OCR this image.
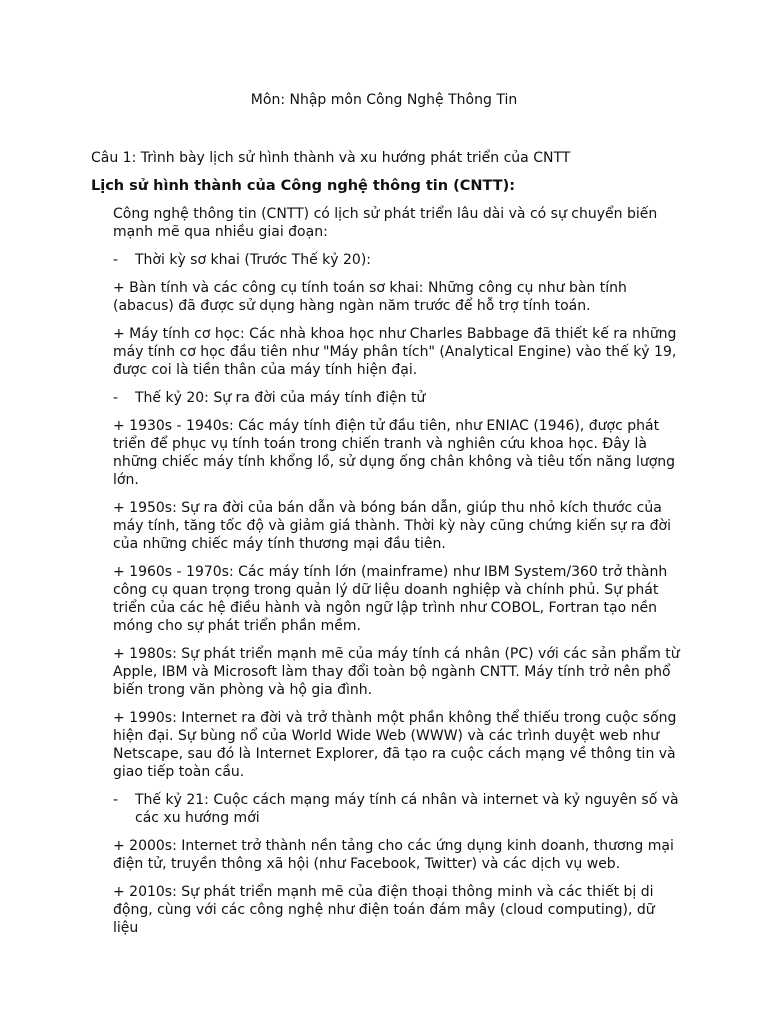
Môn: Nhập môn Công Nghệ Thông Tin
Câu 1: Trình bày lịch sử hình thành và xu hướng phát triển của CNTT
Lịch sử hình thành của Công nghệ thông tin (CNTT):
Công nghệ thông tin (CNTT) có lịch sử phát triển lâu dài và có sự chuyển biến
mạnh mẽ qua nhiều giai đoạn:
-	Thời kỳ sơ khai (Trước Thế kỷ 20):
+ Bàn tính và các công cụ tính toán sơ khai: Những công cụ như bàn tính
(abacus) đã được sử dụng hàng ngàn năm trước để hỗ trợ tính toán.
+ Máy tính cơ học: Các nhà khoa học như Charles Babbage đã thiết kế ra những
máy tính cơ học đầu tiên như "Máy phân tích" (Analytical Engine) vào thế kỷ 19,
được coi là tiền thân của máy tính hiện đại.
-	Thế kỷ 20: Sự ra đời của máy tính điện tử
+ 1930s - 1940s: Các máy tính điện tử đầu tiên, như ENIAC (1946), được phát
triển để phục vụ tính toán trong chiến tranh và nghiên cứu khoa học. Đây là
những chiếc máy tính khổng lồ, sử dụng ống chân không và tiêu tốn năng lượng
lớn.
+ 1950s: Sự ra đời của bán dẫn và bóng bán dẫn, giúp thu nhỏ kích thước của
máy tính, tăng tốc độ và giảm giá thành. Thời kỳ này cũng chứng kiến sự ra đời
của những chiếc máy tính thương mại đầu tiên.
+ 1960s - 1970s: Các máy tính lớn (mainframe) như IBM System/360 trở thành
công cụ quan trọng trong quản lý dữ liệu doanh nghiệp và chính phủ. Sự phát
triển của các hệ điều hành và ngôn ngữ lập trình như COBOL, Fortran tạo nền
móng cho sự phát triển phần mềm.
+ 1980s: Sự phát triển mạnh mẽ của máy tính cá nhân (PC) với các sản phẩm từ
Apple, IBM và Microsoft làm thay đổi toàn bộ ngành CNTT. Máy tính trở nên phổ
biến trong văn phòng và hộ gia đình.
+ 1990s: Internet ra đời và trở thành một phần không thể thiếu trong cuộc sống
hiện đại. Sự bùng nổ của World Wide Web (WWW) và các trình duyệt web như
Netscape, sau đó là Internet Explorer, đã tạo ra cuộc cách mạng về thông tin và
giao tiếp toàn cầu.
-	Thế kỷ 21: Cuộc cách mạng máy tính cá nhân và internet và kỷ nguyên số và
các xu hướng mới
+ 2000s: Internet trở thành nền tảng cho các ứng dụng kinh doanh, thương mại
điện tử, truyền thông xã hội (như Facebook, Twitter) và các dịch vụ web.
+ 2010s: Sự phát triển mạnh mẽ của điện thoại thông minh và các thiết bị di
động, cùng với các công nghệ như điện toán đám mây (cloud computing), dữ liệu
